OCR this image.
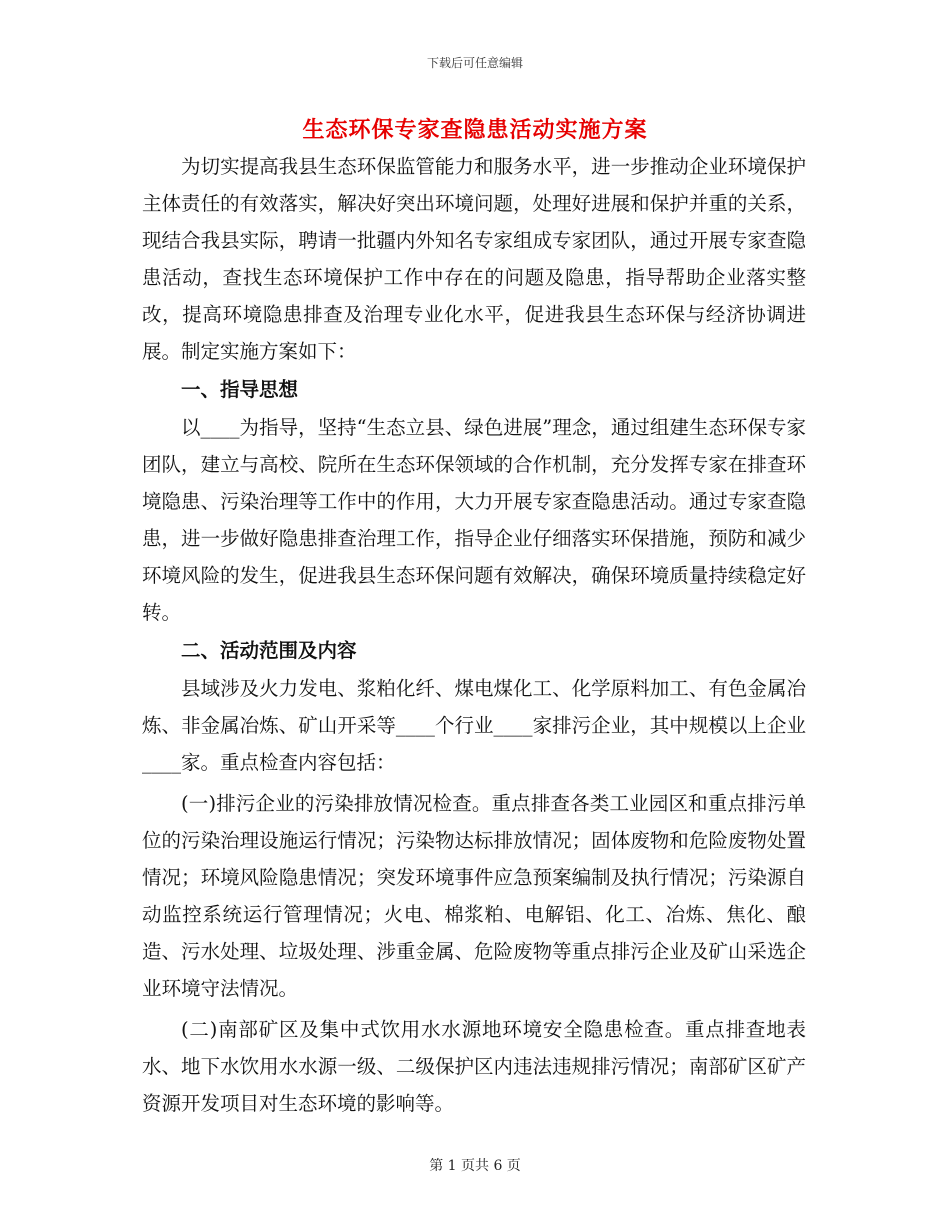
下载后可任意编辑
生态环保专家查隐患活动实施方案

为切实提高我县生态环保监管能力和服务水平，进一步推动企业环境保护主体责任的有效落实，解决好突出环境问题，处理好进展和保护并重的关系，现结合我县实际，聘请一批疆内外知名专家组成专家团队，通过开展专家查隐患活动，查找生态环境保护工作中存在的问题及隐患，指导帮助企业落实整改，提高环境隐患排查及治理专业化水平，促进我县生态环保与经济协调进展。制定实施方案如下：

一、指导思想

以____为指导，坚持“生态立县、绿色进展”理念，通过组建生态环保专家团队，建立与高校、院所在生态环保领域的合作机制，充分发挥专家在排查环境隐患、污染治理等工作中的作用，大力开展专家查隐患活动。通过专家查隐患，进一步做好隐患排查治理工作，指导企业仔细落实环保措施，预防和减少环境风险的发生，促进我县生态环保问题有效解决，确保环境质量持续稳定好转。

二、活动范围及内容

县域涉及火力发电、浆粕化纤、煤电煤化工、化学原料加工、有色金属冶炼、非金属冶炼、矿山开采等____个行业____家排污企业，其中规模以上企业____家。重点检查内容包括：

(一)排污企业的污染排放情况检查。重点排查各类工业园区和重点排污单位的污染治理设施运行情况；污染物达标排放情况；固体废物和危险废物处置情况；环境风险隐患情况；突发环境事件应急预案编制及执行情况；污染源自动监控系统运行管理情况；火电、棉浆粕、电解铝、化工、冶炼、焦化、酿造、污水处理、垃圾处理、涉重金属、危险废物等重点排污企业及矿山采选企业环境守法情况。

(二)南部矿区及集中式饮用水水源地环境安全隐患检查。重点排查地表水、地下水饮用水水源一级、二级保护区内违法违规排污情况；南部矿区矿产资源开发项目对生态环境的影响等。

第 1 页共 6 页
